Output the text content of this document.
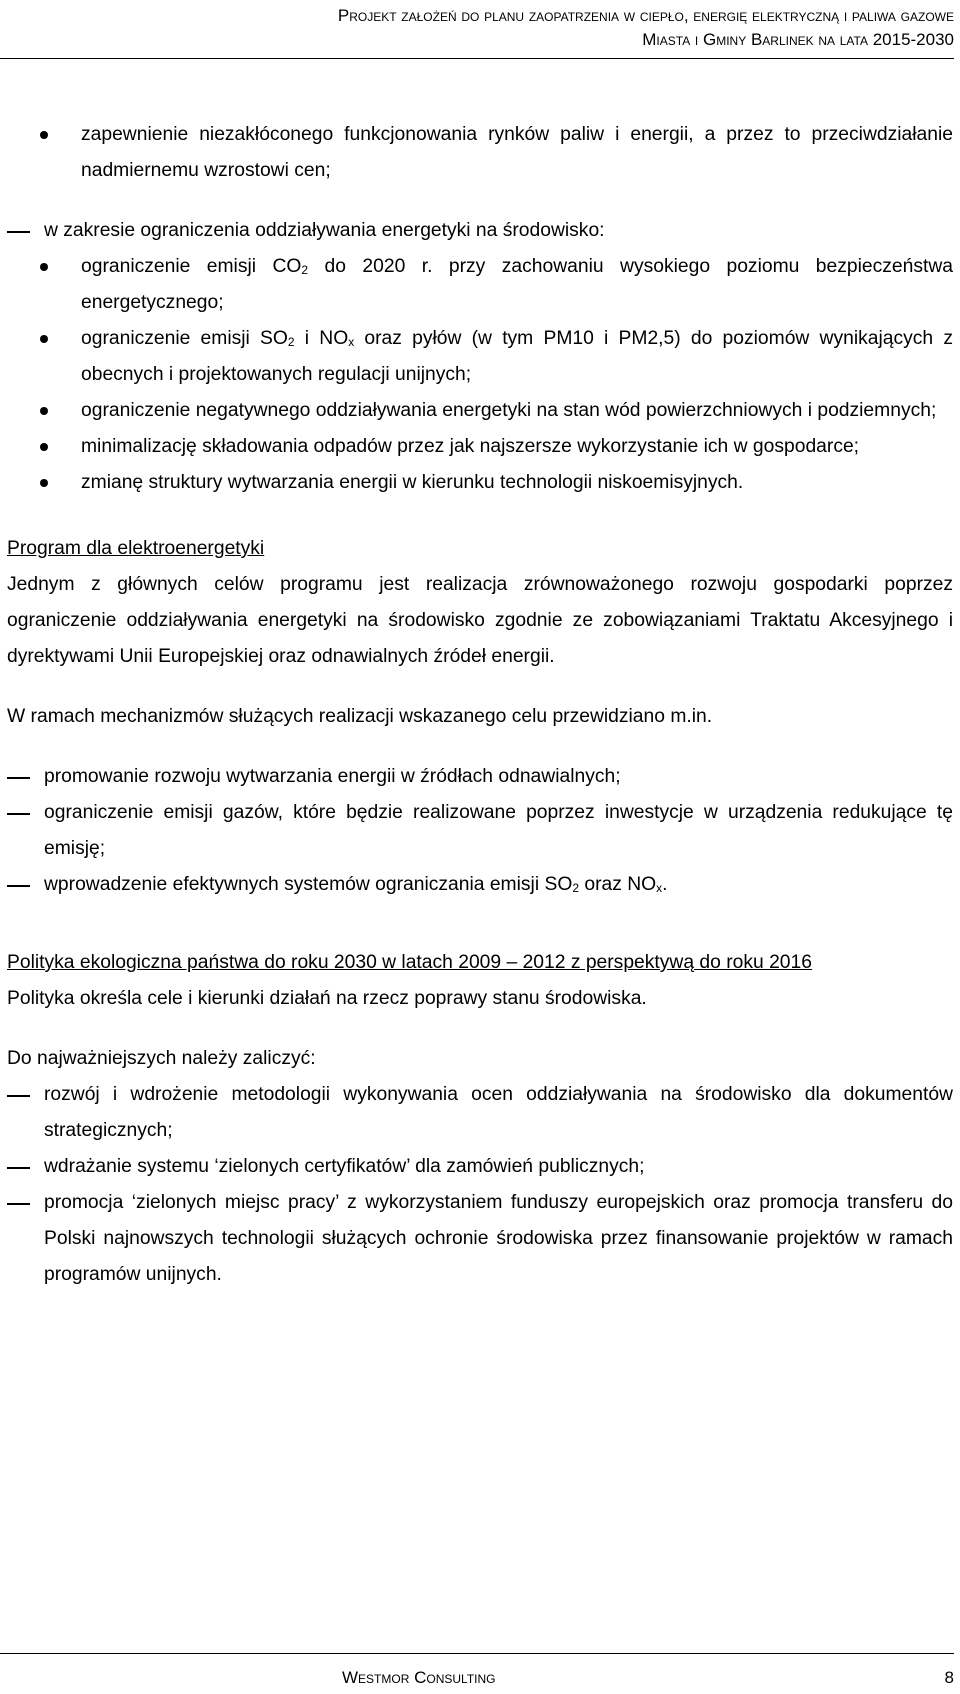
Projekt założeń do planu zaopatrzenia w ciepło, energię elektryczną i paliwa gazowe
Miasta i Gminy Barlinek na lata 2015-2030

zapewnienie niezakłóconego funkcjonowania rynków paliw i energii, a przez to przeciwdziałanie nadmiernemu wzrostowi cen;

w zakresie ograniczenia oddziaływania energetyki na środowisko:

ograniczenie emisji $CO_2$ do 2020 r. przy zachowaniu wysokiego poziomu bezpieczeństwa energetycznego;

ograniczenie emisji $SO_2$ i $NO_x$ oraz pyłów (w tym PM10 i PM2,5) do poziomów wynikających z obecnych i projektowanych regulacji unijnych;

ograniczenie negatywnego oddziaływania energetyki na stan wód powierzchniowych i podziemnych;

minimalizację składowania odpadów przez jak najszersze wykorzystanie ich w gospodarce;

zmianę struktury wytwarzania energii w kierunku technologii niskoemisyjnych.

Program dla elektroenergetyki

Jednym z głównych celów programu jest realizacja zrównoważonego rozwoju gospodarki poprzez ograniczenie oddziaływania energetyki na środowisko zgodnie ze zobowiązaniami Traktatu Akcesyjnego i dyrektywami Unii Europejskiej oraz odnawialnych źródeł energii.

W ramach mechanizmów służących realizacji wskazanego celu przewidziano m.in.

promowanie rozwoju wytwarzania energii w źródłach odnawialnych;

ograniczenie emisji gazów, które będzie realizowane poprzez inwestycje w urządzenia redukujące tę emisję;

wprowadzenie efektywnych systemów ograniczania emisji $SO_2$ oraz $NO_x$.

Polityka ekologiczna państwa do roku 2030 w latach 2009 – 2012 z perspektywą do roku 2016

Polityka określa cele i kierunki działań na rzecz poprawy stanu środowiska.

Do najważniejszych należy zaliczyć:

rozwój i wdrożenie metodologii wykonywania ocen oddziaływania na środowisko dla dokumentów strategicznych;

wdrażanie systemu ‘zielonych certyfikatów’ dla zamówień publicznych;

promocja ‘zielonych miejsc pracy’ z wykorzystaniem funduszy europejskich oraz promocja transferu do Polski najnowszych technologii służących ochronie środowiska przez finansowanie projektów w ramach programów unijnych.

Westmor Consulting	8
